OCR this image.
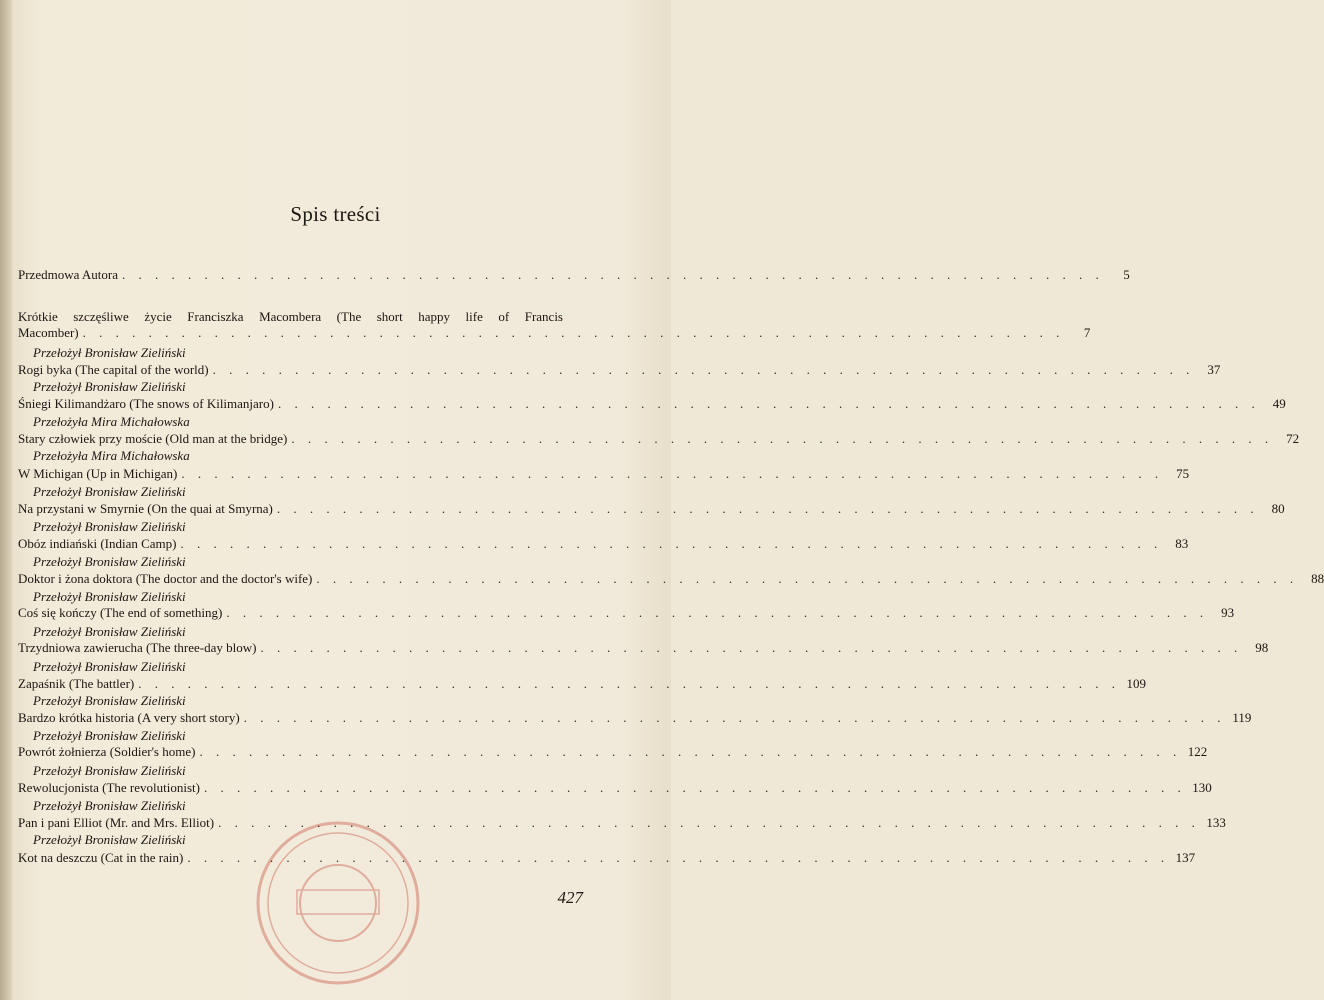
Spis treści
Przedmowa Autora . . . . . . . . . . . . . . . . . . . . . . . . . . . . . . . . . . . . . . . . . . . . . . . . . . . . . . . . . . . .	5
Krótkie szczęśliwe życie Franciszka Macombera (The short happy life of Francis
Macomber) . . . . . . . . . . . . . . . . . . . . . . . . . . . . . . . . . . . . . . . . . . . . . . . . . . . . . . . . . . . .	7
Przełożył Bronisław Zieliński
Rogi byka (The capital of the world) . . . . . . . . . . . . . . . . . . . . . . . . . . . . . . . . . . . . . . . . . . . . . . . . . . . . . . . . . . . .	37
Przełożył Bronisław Zieliński
Śniegi Kilimandżaro (The snows of Kilimanjaro) . . . . . . . . . . . . . . . . . . . . . . . . . . . . . . . . . . . . . . . . . . . . . . . . . . . . . . . . . . . .	49
Przełożyła Mira Michałowska
Stary człowiek przy moście (Old man at the bridge) . . . . . . . . . . . . . . . . . . . . . . . . . . . . . . . . . . . . . . . . . . . . . . . . . . . . . . . . . . . .	72
Przełożyła Mira Michałowska
W Michigan (Up in Michigan) . . . . . . . . . . . . . . . . . . . . . . . . . . . . . . . . . . . . . . . . . . . . . . . . . . . . . . . . . . . .	75
Przełożył Bronisław Zieliński
Na przystani w Smyrnie (On the quai at Smyrna) . . . . . . . . . . . . . . . . . . . . . . . . . . . . . . . . . . . . . . . . . . . . . . . . . . . . . . . . . . . .	80
Przełożył Bronisław Zieliński
Obóz indiański (Indian Camp) . . . . . . . . . . . . . . . . . . . . . . . . . . . . . . . . . . . . . . . . . . . . . . . . . . . . . . . . . . . .	83
Przełożył Bronisław Zieliński
Doktor i żona doktora (The doctor and the doctor's wife) . . . . . . . . . . . . . . . . . . . . . . . . . . . . . . . . . . . . . . . . . . . . . . . . . . . . . . . . . . . .	88
Przełożył Bronisław Zieliński
Coś się kończy (The end of something) . . . . . . . . . . . . . . . . . . . . . . . . . . . . . . . . . . . . . . . . . . . . . . . . . . . . . . . . . . . .	93
Przełożył Bronisław Zieliński
Trzydniowa zawierucha (The three-day blow) . . . . . . . . . . . . . . . . . . . . . . . . . . . . . . . . . . . . . . . . . . . . . . . . . . . . . . . . . . . .	98
Przełożył Bronisław Zieliński
Zapaśnik (The battler) . . . . . . . . . . . . . . . . . . . . . . . . . . . . . . . . . . . . . . . . . . . . . . . . . . . . . . . . . . . . 109
Przełożył Bronisław Zieliński
Bardzo krótka historia (A very short story) . . . . . . . . . . . . . . . . . . . . . . . . . . . . . . . . . . . . . . . . . . . . . . . . . . . . . . . . . . . . 119
Przełożył Bronisław Zieliński
Powrót żołnierza (Soldier's home) . . . . . . . . . . . . . . . . . . . . . . . . . . . . . . . . . . . . . . . . . . . . . . . . . . . . . . . . . . . . 122
Przełożył Bronisław Zieliński
Rewolucjonista (The revolutionist) . . . . . . . . . . . . . . . . . . . . . . . . . . . . . . . . . . . . . . . . . . . . . . . . . . . . . . . . . . . . 130
Przełożył Bronisław Zieliński
Pan i pani Elliot (Mr. and Mrs. Elliot) . . . . . . . . . . . . . . . . . . . . . . . . . . . . . . . . . . . . . . . . . . . . . . . . . . . . . . . . . . . . 133
Przełożył Bronisław Zieliński
Kot na deszczu (Cat in the rain) . . . . . . . . . . . . . . . . . . . . . . . . . . . . . . . . . . . . . . . . . . . . . . . . . . . . . . . . . . . . 137
427
